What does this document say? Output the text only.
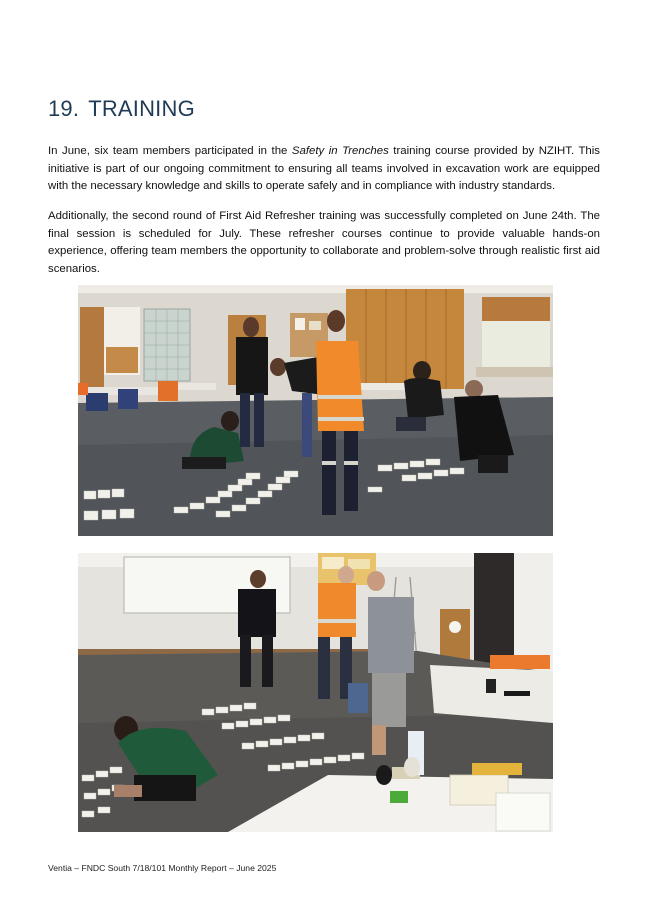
19. TRAINING

In June, six team members participated in the Safety in Trenches training course provided by NZIHT. This initiative is part of our ongoing commitment to ensuring all teams involved in excavation work are equipped with the necessary knowledge and skills to operate safely and in compliance with industry standards.

Additionally, the second round of First Aid Refresher training was successfully completed on June 24th. The final session is scheduled for July. These refresher courses continue to provide valuable hands-on experience, offering team members the opportunity to collaborate and problem-solve through realistic first aid scenarios.

Ventia – FNDC South 7/18/101 Monthly Report – June 2025
